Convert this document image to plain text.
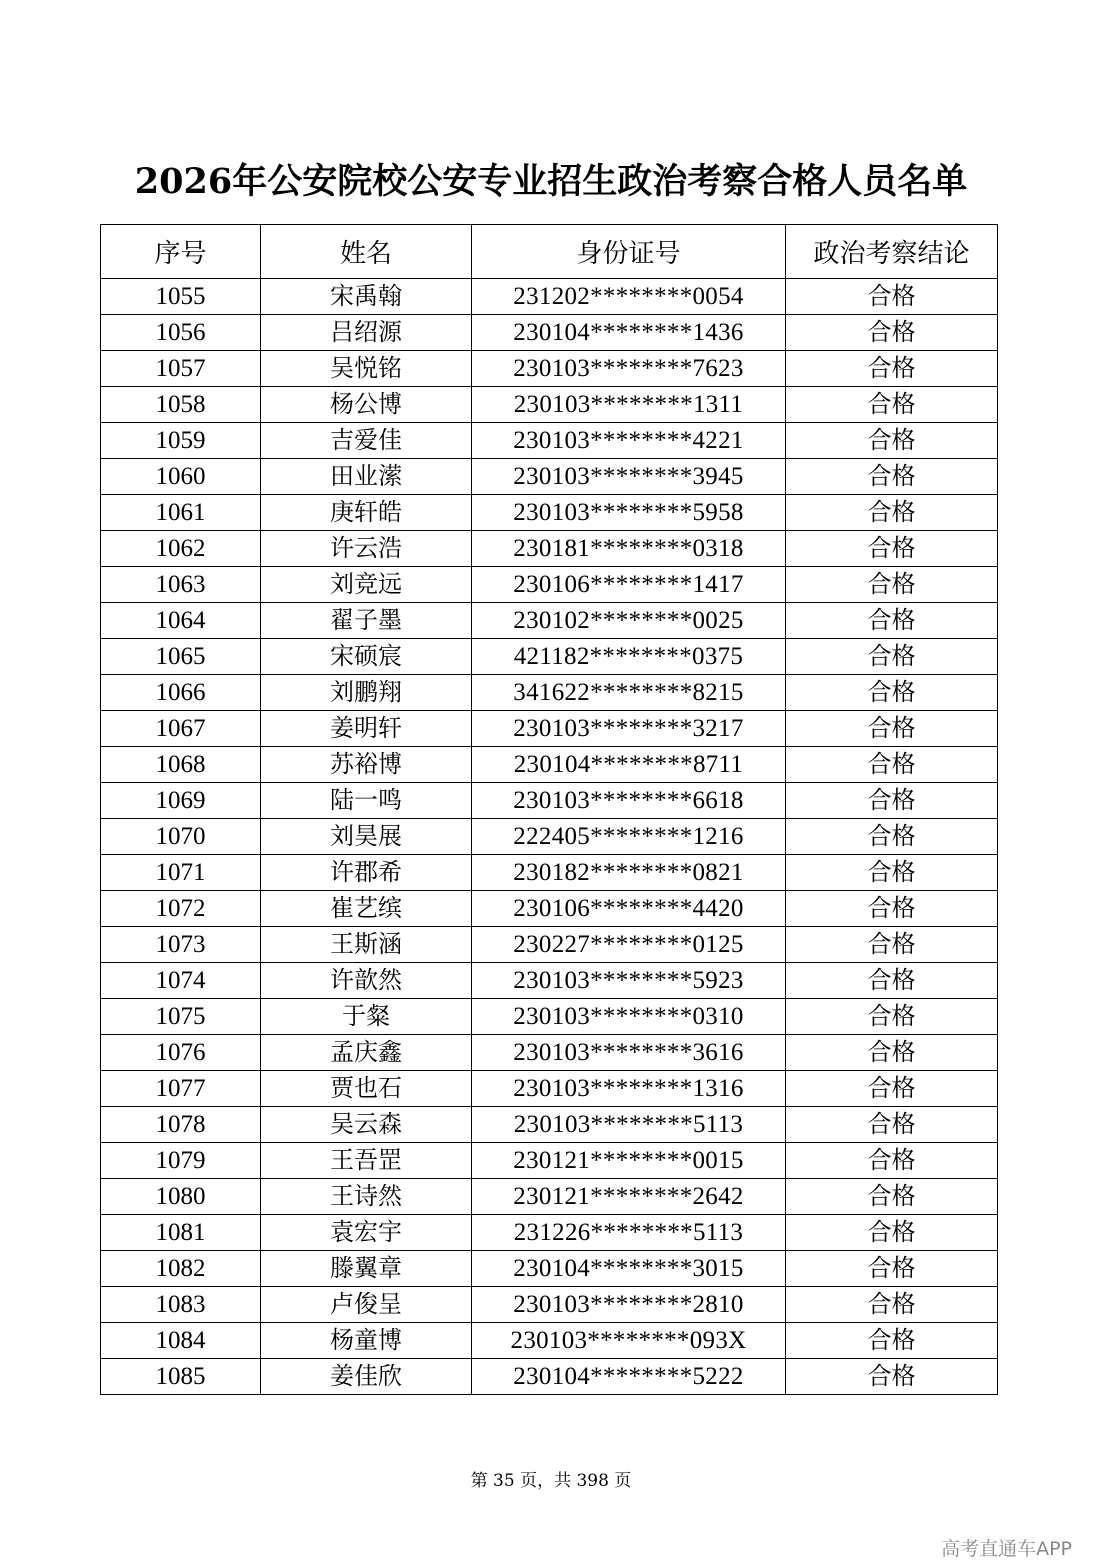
2026年公安院校公安专业招生政治考察合格人员名单
序号	姓名	身份证号	政治考察结论
1055	宋禹翰	231202********0054	合格
1056	吕绍源	230104********1436	合格
1057	吴悦铭	230103********7623	合格
1058	杨公博	230103********1311	合格
1059	吉爱佳	230103********4221	合格
1060	田业潆	230103********3945	合格
1061	庚轩皓	230103********5958	合格
1062	许云浩	230181********0318	合格
1063	刘竞远	230106********1417	合格
1064	翟子墨	230102********0025	合格
1065	宋硕宸	421182********0375	合格
1066	刘鹏翔	341622********8215	合格
1067	姜明轩	230103********3217	合格
1068	苏裕博	230104********8711	合格
1069	陆一鸣	230103********6618	合格
1070	刘昊展	222405********1216	合格
1071	许郡希	230182********0821	合格
1072	崔艺缤	230106********4420	合格
1073	王斯涵	230227********0125	合格
1074	许歆然	230103********5923	合格
1075	于粲	230103********0310	合格
1076	孟庆鑫	230103********3616	合格
1077	贾也石	230103********1316	合格
1078	吴云森	230103********5113	合格
1079	王吾罡	230121********0015	合格
1080	王诗然	230121********2642	合格
1081	袁宏宇	231226********5113	合格
1082	滕翼章	230104********3015	合格
1083	卢俊呈	230103********2810	合格
1084	杨童博	230103********093X	合格
1085	姜佳欣	230104********5222	合格
第 35 页，共 398 页
高考直通车APP
